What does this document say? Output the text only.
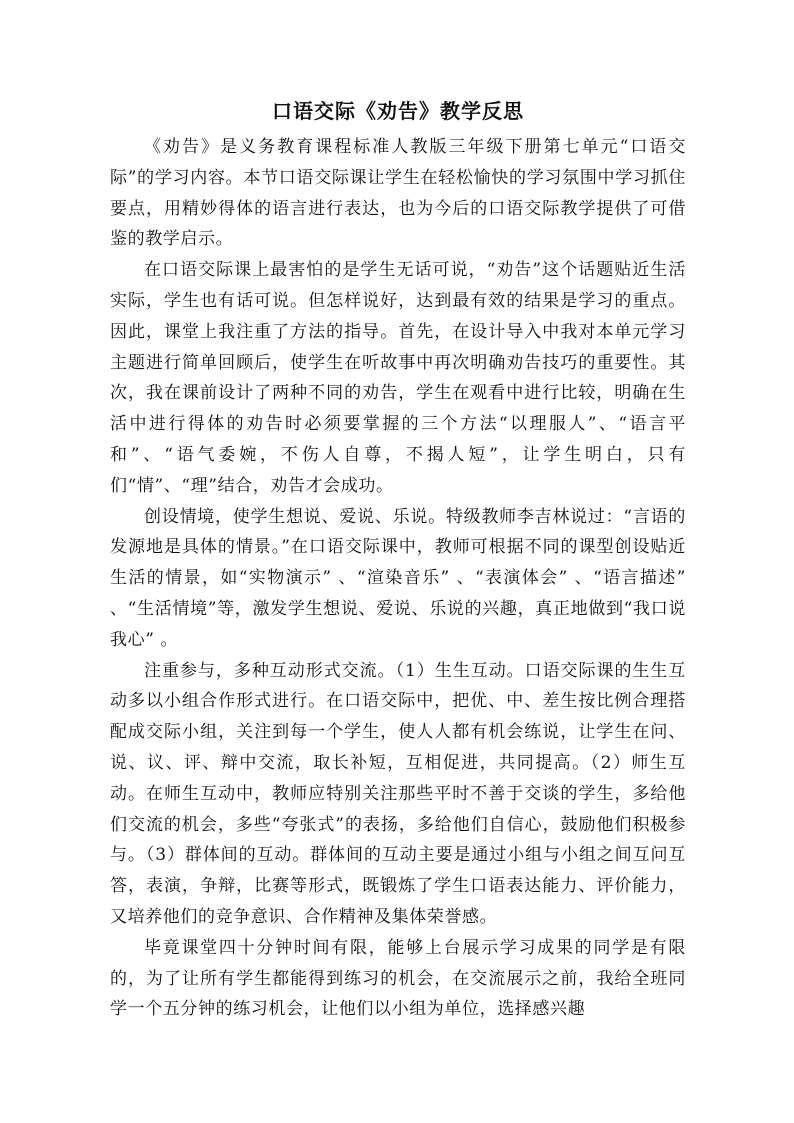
口语交际《劝告》教学反思

《劝告》是义务教育课程标准人教版三年级下册第七单元“口语交际”的学习内容。本节口语交际课让学生在轻松愉快的学习氛围中学习抓住要点，用精妙得体的语言进行表达，也为今后的口语交际教学提供了可借鉴的教学启示。

在口语交际课上最害怕的是学生无话可说，“劝告”这个话题贴近生活实际，学生也有话可说。但怎样说好，达到最有效的结果是学习的重点。因此，课堂上我注重了方法的指导。首先，在设计导入中我对本单元学习主题进行简单回顾后，使学生在听故事中再次明确劝告技巧的重要性。其次，我在课前设计了两种不同的劝告，学生在观看中进行比较，明确在生活中进行得体的劝告时必须要掌握的三个方法“以理服人”、“语言平和”、“语气委婉，不伤人自尊，不揭人短”，让学生明白，只有们“情”、“理”结合，劝告才会成功。

创设情境，使学生想说、爱说、乐说。特级教师李吉林说过：“言语的发源地是具体的情景。”在口语交际课中，教师可根据不同的课型创设贴近生活的情景，如“实物演示” 、“渲染音乐” 、“表演体会” 、“语言描述” 、“生活情境”等，激发学生想说、爱说、乐说的兴趣，真正地做到“我口说我心” 。

注重参与，多种互动形式交流。（1）生生互动。口语交际课的生生互动多以小组合作形式进行。在口语交际中，把优、中、差生按比例合理搭配成交际小组，关注到每一个学生，使人人都有机会练说，让学生在问、说、议、评、辩中交流，取长补短，互相促进，共同提高。（2）师生互动。在师生互动中，教师应特别关注那些平时不善于交谈的学生，多给他们交流的机会，多些“夸张式”的表扬，多给他们自信心，鼓励他们积极参与。（3）群体间的互动。群体间的互动主要是通过小组与小组之间互问互答，表演，争辩，比赛等形式，既锻炼了学生口语表达能力、评价能力，又培养他们的竞争意识、合作精神及集体荣誉感。

毕竟课堂四十分钟时间有限，能够上台展示学习成果的同学是有限的，为了让所有学生都能得到练习的机会，在交流展示之前，我给全班同学一个五分钟的练习机会，让他们以小组为单位，选择感兴趣
